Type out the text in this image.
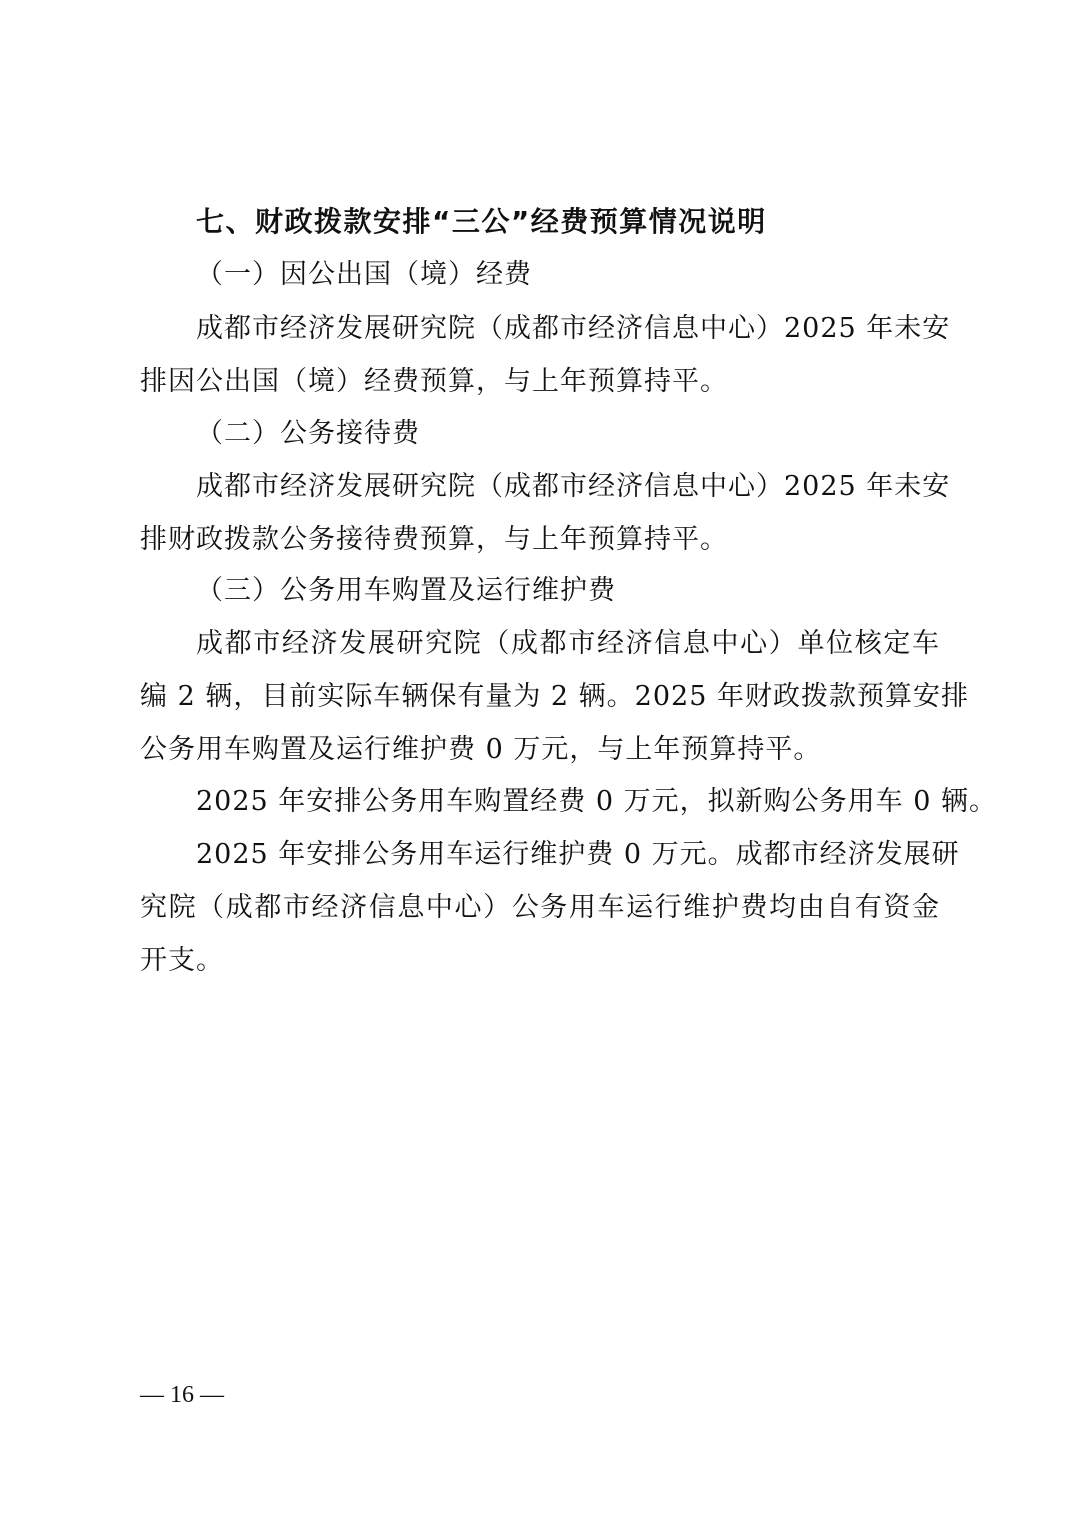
七、财政拨款安排“三公”经费预算情况说明
（一）因公出国（境）经费
成都市经济发展研究院（成都市经济信息中心）2025 年未安
排因公出国（境）经费预算，与上年预算持平。
（二）公务接待费
成都市经济发展研究院（成都市经济信息中心）2025 年未安
排财政拨款公务接待费预算，与上年预算持平。
（三）公务用车购置及运行维护费
成都市经济发展研究院（成都市经济信息中心）单位核定车
编 2 辆，目前实际车辆保有量为 2 辆。2025 年财政拨款预算安排
公务用车购置及运行维护费 0 万元，与上年预算持平。
2025 年安排公务用车购置经费 0 万元，拟新购公务用车 0 辆。
2025 年安排公务用车运行维护费 0 万元。成都市经济发展研
究院（成都市经济信息中心）公务用车运行维护费均由自有资金
开支。
— 16 —
